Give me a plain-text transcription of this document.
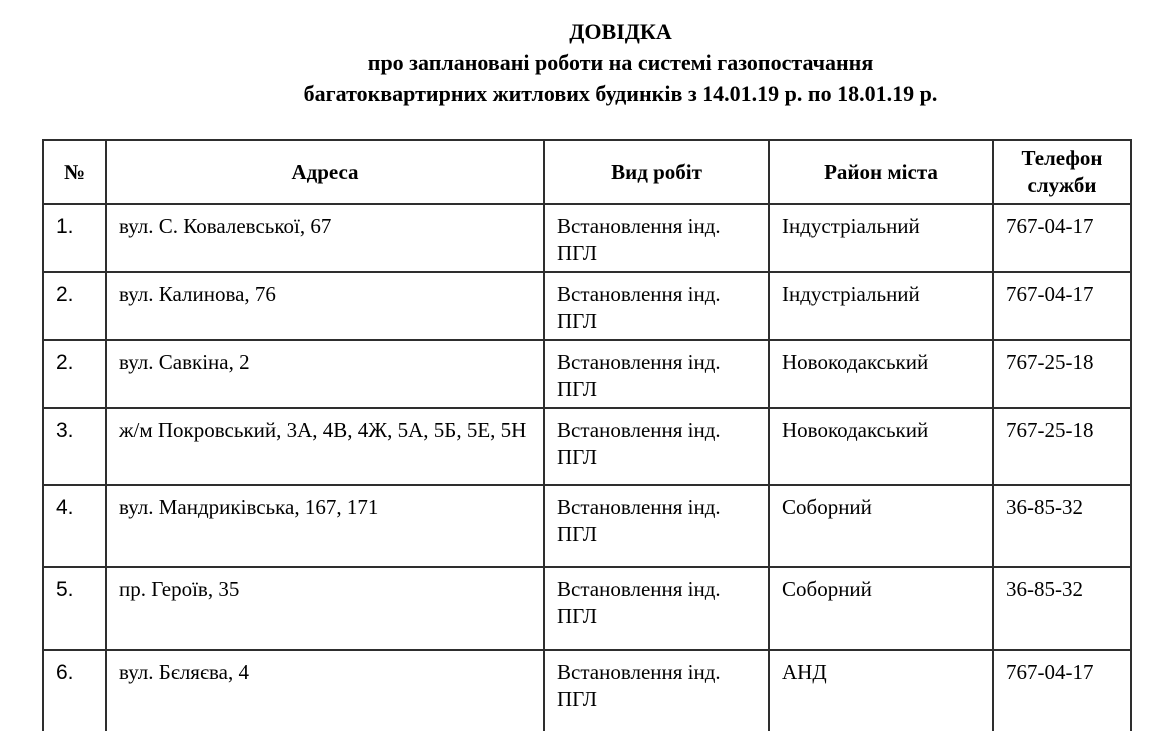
ДОВІДКА
про заплановані роботи на системі газопостачання
багатоквартирних житлових будинків з 14.01.19 р. по 18.01.19 р.
№	Адреса	Вид робіт	Район міста	Телефон служби
1.	вул. С. Ковалевської, 67	Встановлення інд. ПГЛ	Індустріальний	767-04-17
2.	вул. Калинова, 76	Встановлення інд. ПГЛ	Індустріальний	767-04-17
2.	вул. Савкіна, 2	Встановлення інд. ПГЛ	Новокодакський	767-25-18
3.	ж/м Покровський, 3А, 4В, 4Ж, 5А, 5Б, 5Е, 5Н	Встановлення інд. ПГЛ	Новокодакський	767-25-18
4.	вул. Мандриківська, 167, 171	Встановлення інд. ПГЛ	Соборний	36-85-32
5.	пр. Героїв, 35	Встановлення інд. ПГЛ	Соборний	36-85-32
6.	вул. Бєляєва, 4	Встановлення інд. ПГЛ	АНД	767-04-17
